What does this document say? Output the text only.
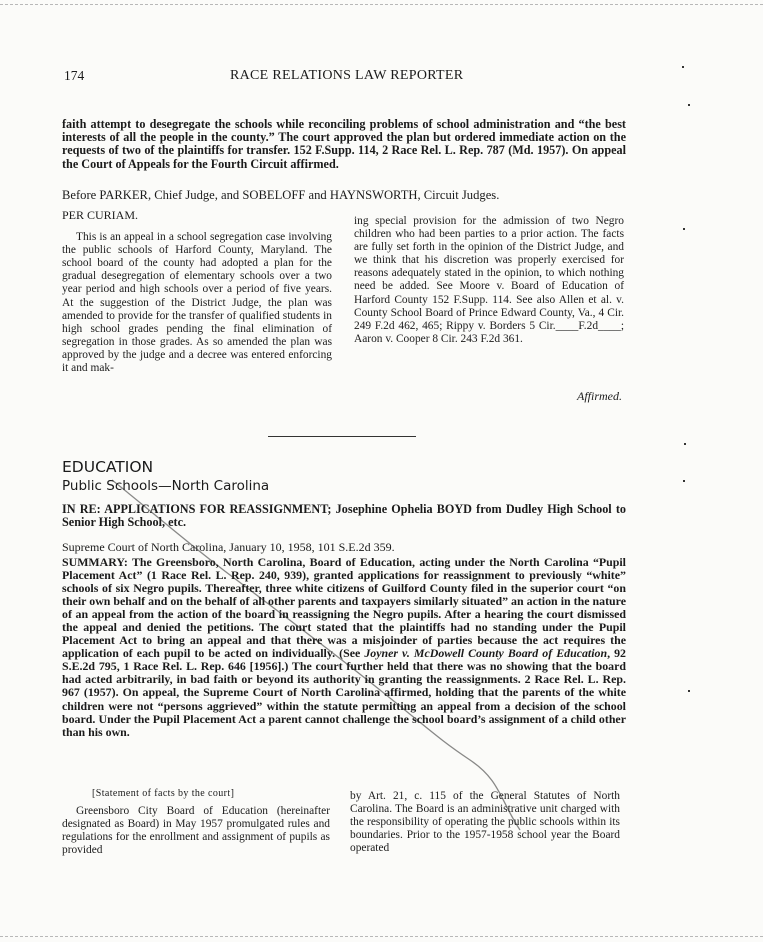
174	RACE RELATIONS LAW REPORTER
faith attempt to desegregate the schools while reconciling problems of school administration and “the best interests of all the people in the county.” The court approved the plan but ordered immediate action on the requests of two of the plaintiffs for transfer. 152 F.Supp. 114, 2 Race Rel. L. Rep. 787 (Md. 1957). On appeal the Court of Appeals for the Fourth Circuit affirmed.
Before PARKER, Chief Judge, and SOBELOFF and HAYNSWORTH, Circuit Judges.

PER CURIAM.

This is an appeal in a school segregation case involving the public schools of Harford County, Maryland. The school board of the county had adopted a plan for the gradual desegregation of elementary schools over a two year period and high schools over a period of five years. At the suggestion of the District Judge, the plan was amended to provide for the transfer of qualified students in high school grades pending the final elimination of segregation in those grades. As so amended the plan was approved by the judge and a decree was entered enforcing it and mak-

ing special provision for the admission of two Negro children who had been parties to a prior action. The facts are fully set forth in the opinion of the District Judge, and we think that his discretion was properly exercised for reasons adequately stated in the opinion, to which nothing need be added. See Moore v. Board of Education of Harford County 152 F.Supp. 114. See also Allen et al. v. County School Board of Prince Edward County, Va., 4 Cir. 249 F.2d 462, 465; Rippy v. Borders 5 Cir.____F.2d____; Aaron v. Cooper 8 Cir. 243 F.2d 361.

Affirmed.
EDUCATION
Public Schools—North Carolina
IN RE: APPLICATIONS FOR REASSIGNMENT; Josephine Ophelia BOYD from Dudley High School to Senior High School, etc.
Supreme Court of North Carolina, January 10, 1958, 101 S.E.2d 359.
SUMMARY: The Greensboro, North Carolina, Board of Education, acting under the North Carolina “Pupil Placement Act” (1 Race Rel. L. Rep. 240, 939), granted applications for reassignment to previously “white” schools of six Negro pupils. Thereafter, three white citizens of Guilford County filed in the superior court “on their own behalf and on the behalf of all other parents and taxpayers similarly situated” an action in the nature of an appeal from the action of the board in reassigning the Negro pupils. After a hearing the court dismissed the appeal and denied the petitions. The court stated that the plaintiffs had no standing under the Pupil Placement Act to bring an appeal and that there was a misjoinder of parties because the act requires the application of each pupil to be acted on individually. (See Joyner v. McDowell County Board of Education, 92 S.E.2d 795, 1 Race Rel. L. Rep. 646 [1956].) The court further held that there was no showing that the board had acted arbitrarily, in bad faith or beyond its authority in granting the reassignments. 2 Race Rel. L. Rep. 967 (1957). On appeal, the Supreme Court of North Carolina affirmed, holding that the parents of the white children were not “persons aggrieved” within the statute permitting an appeal from a decision of the school board. Under the Pupil Placement Act a parent cannot challenge the school board’s assignment of a child other than his own.
[Statement of facts by the court]

Greensboro City Board of Education (hereinafter designated as Board) in May 1957 promulgated rules and regulations for the enrollment and assignment of pupils as provided

by Art. 21, c. 115 of the General Statutes of North Carolina. The Board is an administrative unit charged with the responsibility of operating the public schools within its boundaries. Prior to the 1957-1958 school year the Board operated
